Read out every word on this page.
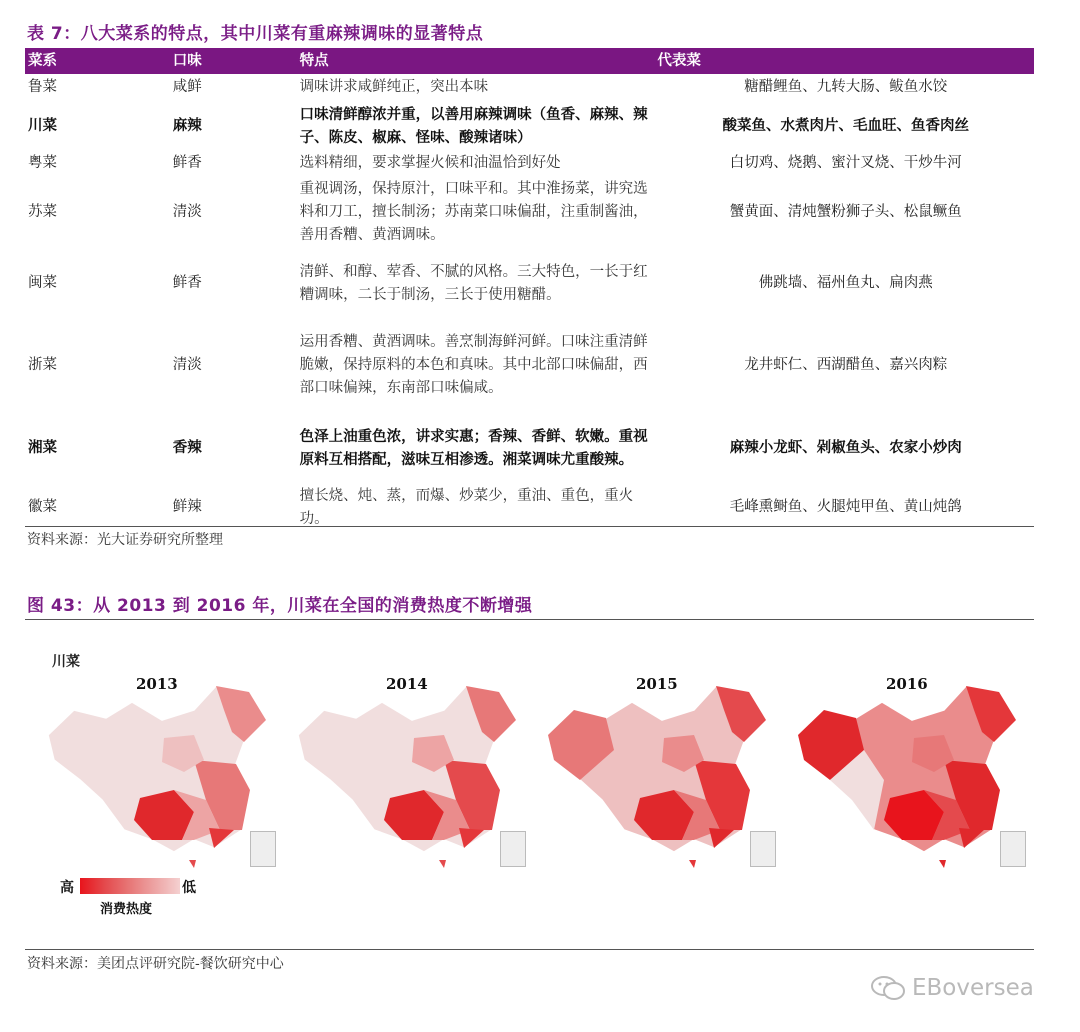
表 7：八大菜系的特点，其中川菜有重麻辣调味的显著特点
菜系	口味	特点	代表菜
鲁菜	咸鲜	调味讲求咸鲜纯正，突出本味	糖醋鲤鱼、九转大肠、鲅鱼水饺
川菜	麻辣	口味清鲜醇浓并重，以善用麻辣调味（鱼香、麻辣、辣子、陈皮、椒麻、怪味、酸辣诸味）	酸菜鱼、水煮肉片、毛血旺、鱼香肉丝
粤菜	鲜香	选料精细，要求掌握火候和油温恰到好处	白切鸡、烧鹅、蜜汁叉烧、干炒牛河
苏菜	清淡	重视调汤，保持原汁，口味平和。其中淮扬菜，讲究选料和刀工，擅长制汤；苏南菜口味偏甜，注重制酱油，善用香糟、黄酒调味。	蟹黄面、清炖蟹粉狮子头、松鼠鳜鱼
闽菜	鲜香	清鲜、和醇、荤香、不腻的风格。三大特色，一长于红糟调味，二长于制汤，三长于使用糖醋。	佛跳墙、福州鱼丸、扁肉燕
浙菜	清淡	运用香糟、黄酒调味。善烹制海鲜河鲜。口味注重清鲜脆嫩，保持原料的本色和真味。其中北部口味偏甜，西部口味偏辣，东南部口味偏咸。	龙井虾仁、西湖醋鱼、嘉兴肉粽
湘菜	香辣	色泽上油重色浓，讲求实惠；香辣、香鲜、软嫩。重视原料互相搭配，滋味互相渗透。湘菜调味尤重酸辣。	麻辣小龙虾、剁椒鱼头、农家小炒肉
徽菜	鲜辣	擅长烧、炖、蒸，而爆、炒菜少，重油、重色，重火功。	毛峰熏鲥鱼、火腿炖甲鱼、黄山炖鸽
资料来源：光大证券研究所整理
图 43：从 2013 到 2016 年，川菜在全国的消费热度不断增强
川菜
2013	2014	2015	2016
高	低
消费热度
资料来源：美团点评研究院-餐饮研究中心
EBoversea
